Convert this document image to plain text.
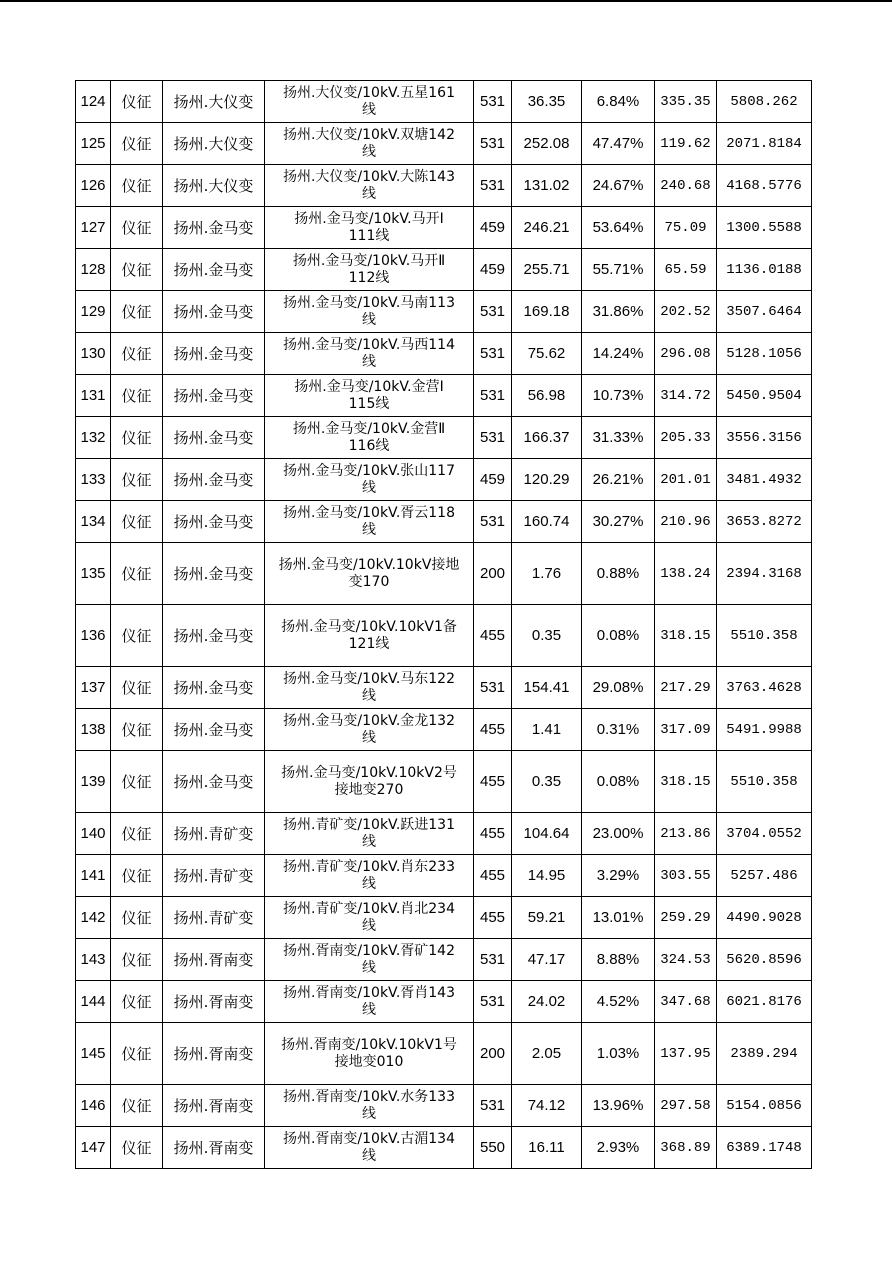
124	仪征	扬州.大仪变	扬州.大仪变/10kV.五星161
线	531	36.35	6.84%	335.35	5808.262
125	仪征	扬州.大仪变	扬州.大仪变/10kV.双塘142
线	531	252.08	47.47%	119.62	2071.8184
126	仪征	扬州.大仪变	扬州.大仪变/10kV.大陈143
线	531	131.02	24.67%	240.68	4168.5776
127	仪征	扬州.金马变	扬州.金马变/10kV.马开Ⅰ
111线	459	246.21	53.64%	75.09	1300.5588
128	仪征	扬州.金马变	扬州.金马变/10kV.马开Ⅱ
112线	459	255.71	55.71%	65.59	1136.0188
129	仪征	扬州.金马变	扬州.金马变/10kV.马南113
线	531	169.18	31.86%	202.52	3507.6464
130	仪征	扬州.金马变	扬州.金马变/10kV.马西114
线	531	75.62	14.24%	296.08	5128.1056
131	仪征	扬州.金马变	扬州.金马变/10kV.金营Ⅰ
115线	531	56.98	10.73%	314.72	5450.9504
132	仪征	扬州.金马变	扬州.金马变/10kV.金营Ⅱ
116线	531	166.37	31.33%	205.33	3556.3156
133	仪征	扬州.金马变	扬州.金马变/10kV.张山117
线	459	120.29	26.21%	201.01	3481.4932
134	仪征	扬州.金马变	扬州.金马变/10kV.胥云118
线	531	160.74	30.27%	210.96	3653.8272
135	仪征	扬州.金马变	扬州.金马变/10kV.10kV接地
变170	200	1.76	0.88%	138.24	2394.3168
136	仪征	扬州.金马变	扬州.金马变/10kV.10kV1备
121线	455	0.35	0.08%	318.15	5510.358
137	仪征	扬州.金马变	扬州.金马变/10kV.马东122
线	531	154.41	29.08%	217.29	3763.4628
138	仪征	扬州.金马变	扬州.金马变/10kV.金龙132
线	455	1.41	0.31%	317.09	5491.9988
139	仪征	扬州.金马变	扬州.金马变/10kV.10kV2号
接地变270	455	0.35	0.08%	318.15	5510.358
140	仪征	扬州.青矿变	扬州.青矿变/10kV.跃进131
线	455	104.64	23.00%	213.86	3704.0552
141	仪征	扬州.青矿变	扬州.青矿变/10kV.肖东233
线	455	14.95	3.29%	303.55	5257.486
142	仪征	扬州.青矿变	扬州.青矿变/10kV.肖北234
线	455	59.21	13.01%	259.29	4490.9028
143	仪征	扬州.胥南变	扬州.胥南变/10kV.胥矿142
线	531	47.17	8.88%	324.53	5620.8596
144	仪征	扬州.胥南变	扬州.胥南变/10kV.胥肖143
线	531	24.02	4.52%	347.68	6021.8176
145	仪征	扬州.胥南变	扬州.胥南变/10kV.10kV1号
接地变010	200	2.05	1.03%	137.95	2389.294
146	仪征	扬州.胥南变	扬州.胥南变/10kV.水务133
线	531	74.12	13.96%	297.58	5154.0856
147	仪征	扬州.胥南变	扬州.胥南变/10kV.古湄134
线	550	16.11	2.93%	368.89	6389.1748
